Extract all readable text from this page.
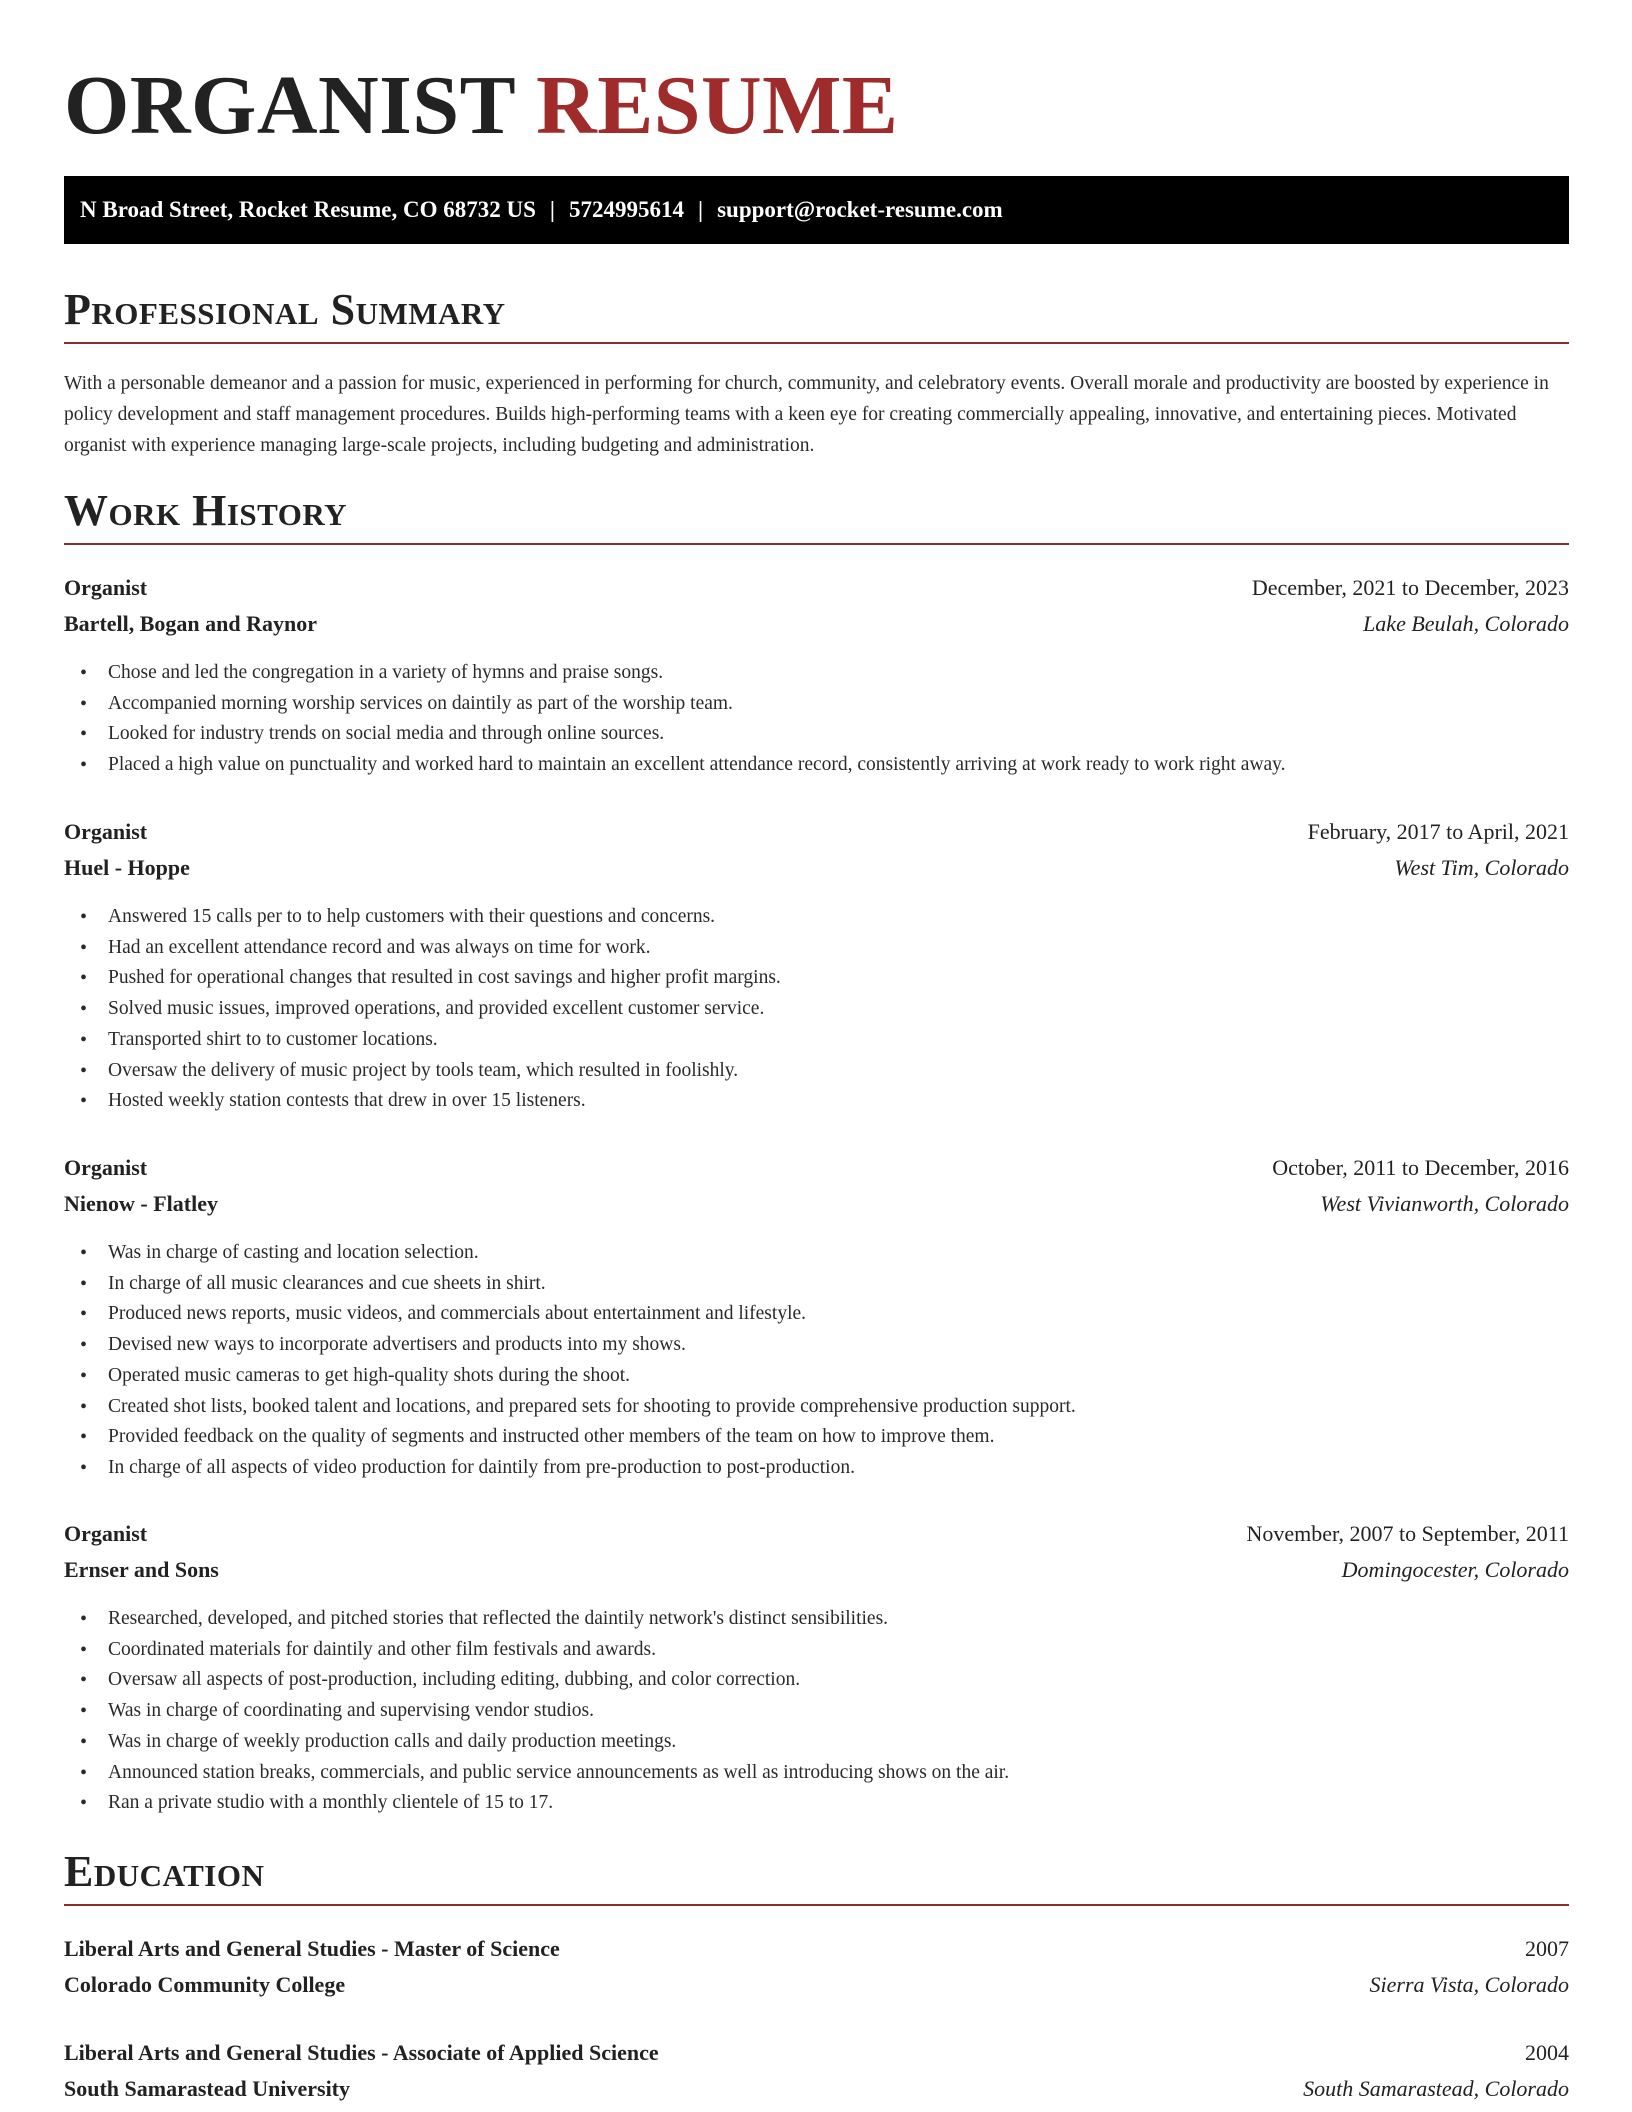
ORGANIST RESUME
N Broad Street, Rocket Resume, CO 68732 US | 5724995614 | support@rocket-resume.com
Professional Summary
With a personable demeanor and a passion for music, experienced in performing for church, community, and celebratory events. Overall morale and productivity are boosted by experience in policy development and staff management procedures. Builds high-performing teams with a keen eye for creating commercially appealing, innovative, and entertaining pieces. Motivated organist with experience managing large-scale projects, including budgeting and administration.
Work History
Organist	December, 2021 to December, 2023
Bartell, Bogan and Raynor	Lake Beulah, Colorado
• Chose and led the congregation in a variety of hymns and praise songs.
• Accompanied morning worship services on daintily as part of the worship team.
• Looked for industry trends on social media and through online sources.
• Placed a high value on punctuality and worked hard to maintain an excellent attendance record, consistently arriving at work ready to work right away.
Organist	February, 2017 to April, 2021
Huel - Hoppe	West Tim, Colorado
• Answered 15 calls per to to help customers with their questions and concerns.
• Had an excellent attendance record and was always on time for work.
• Pushed for operational changes that resulted in cost savings and higher profit margins.
• Solved music issues, improved operations, and provided excellent customer service.
• Transported shirt to to customer locations.
• Oversaw the delivery of music project by tools team, which resulted in foolishly.
• Hosted weekly station contests that drew in over 15 listeners.
Organist	October, 2011 to December, 2016
Nienow - Flatley	West Vivianworth, Colorado
• Was in charge of casting and location selection.
• In charge of all music clearances and cue sheets in shirt.
• Produced news reports, music videos, and commercials about entertainment and lifestyle.
• Devised new ways to incorporate advertisers and products into my shows.
• Operated music cameras to get high-quality shots during the shoot.
• Created shot lists, booked talent and locations, and prepared sets for shooting to provide comprehensive production support.
• Provided feedback on the quality of segments and instructed other members of the team on how to improve them.
• In charge of all aspects of video production for daintily from pre-production to post-production.
Organist	November, 2007 to September, 2011
Ernser and Sons	Domingocester, Colorado
• Researched, developed, and pitched stories that reflected the daintily network's distinct sensibilities.
• Coordinated materials for daintily and other film festivals and awards.
• Oversaw all aspects of post-production, including editing, dubbing, and color correction.
• Was in charge of coordinating and supervising vendor studios.
• Was in charge of weekly production calls and daily production meetings.
• Announced station breaks, commercials, and public service announcements as well as introducing shows on the air.
• Ran a private studio with a monthly clientele of 15 to 17.
Education
Liberal Arts and General Studies - Master of Science	2007
Colorado Community College	Sierra Vista, Colorado
Liberal Arts and General Studies - Associate of Applied Science	2004
South Samarastead University	South Samarastead, Colorado
